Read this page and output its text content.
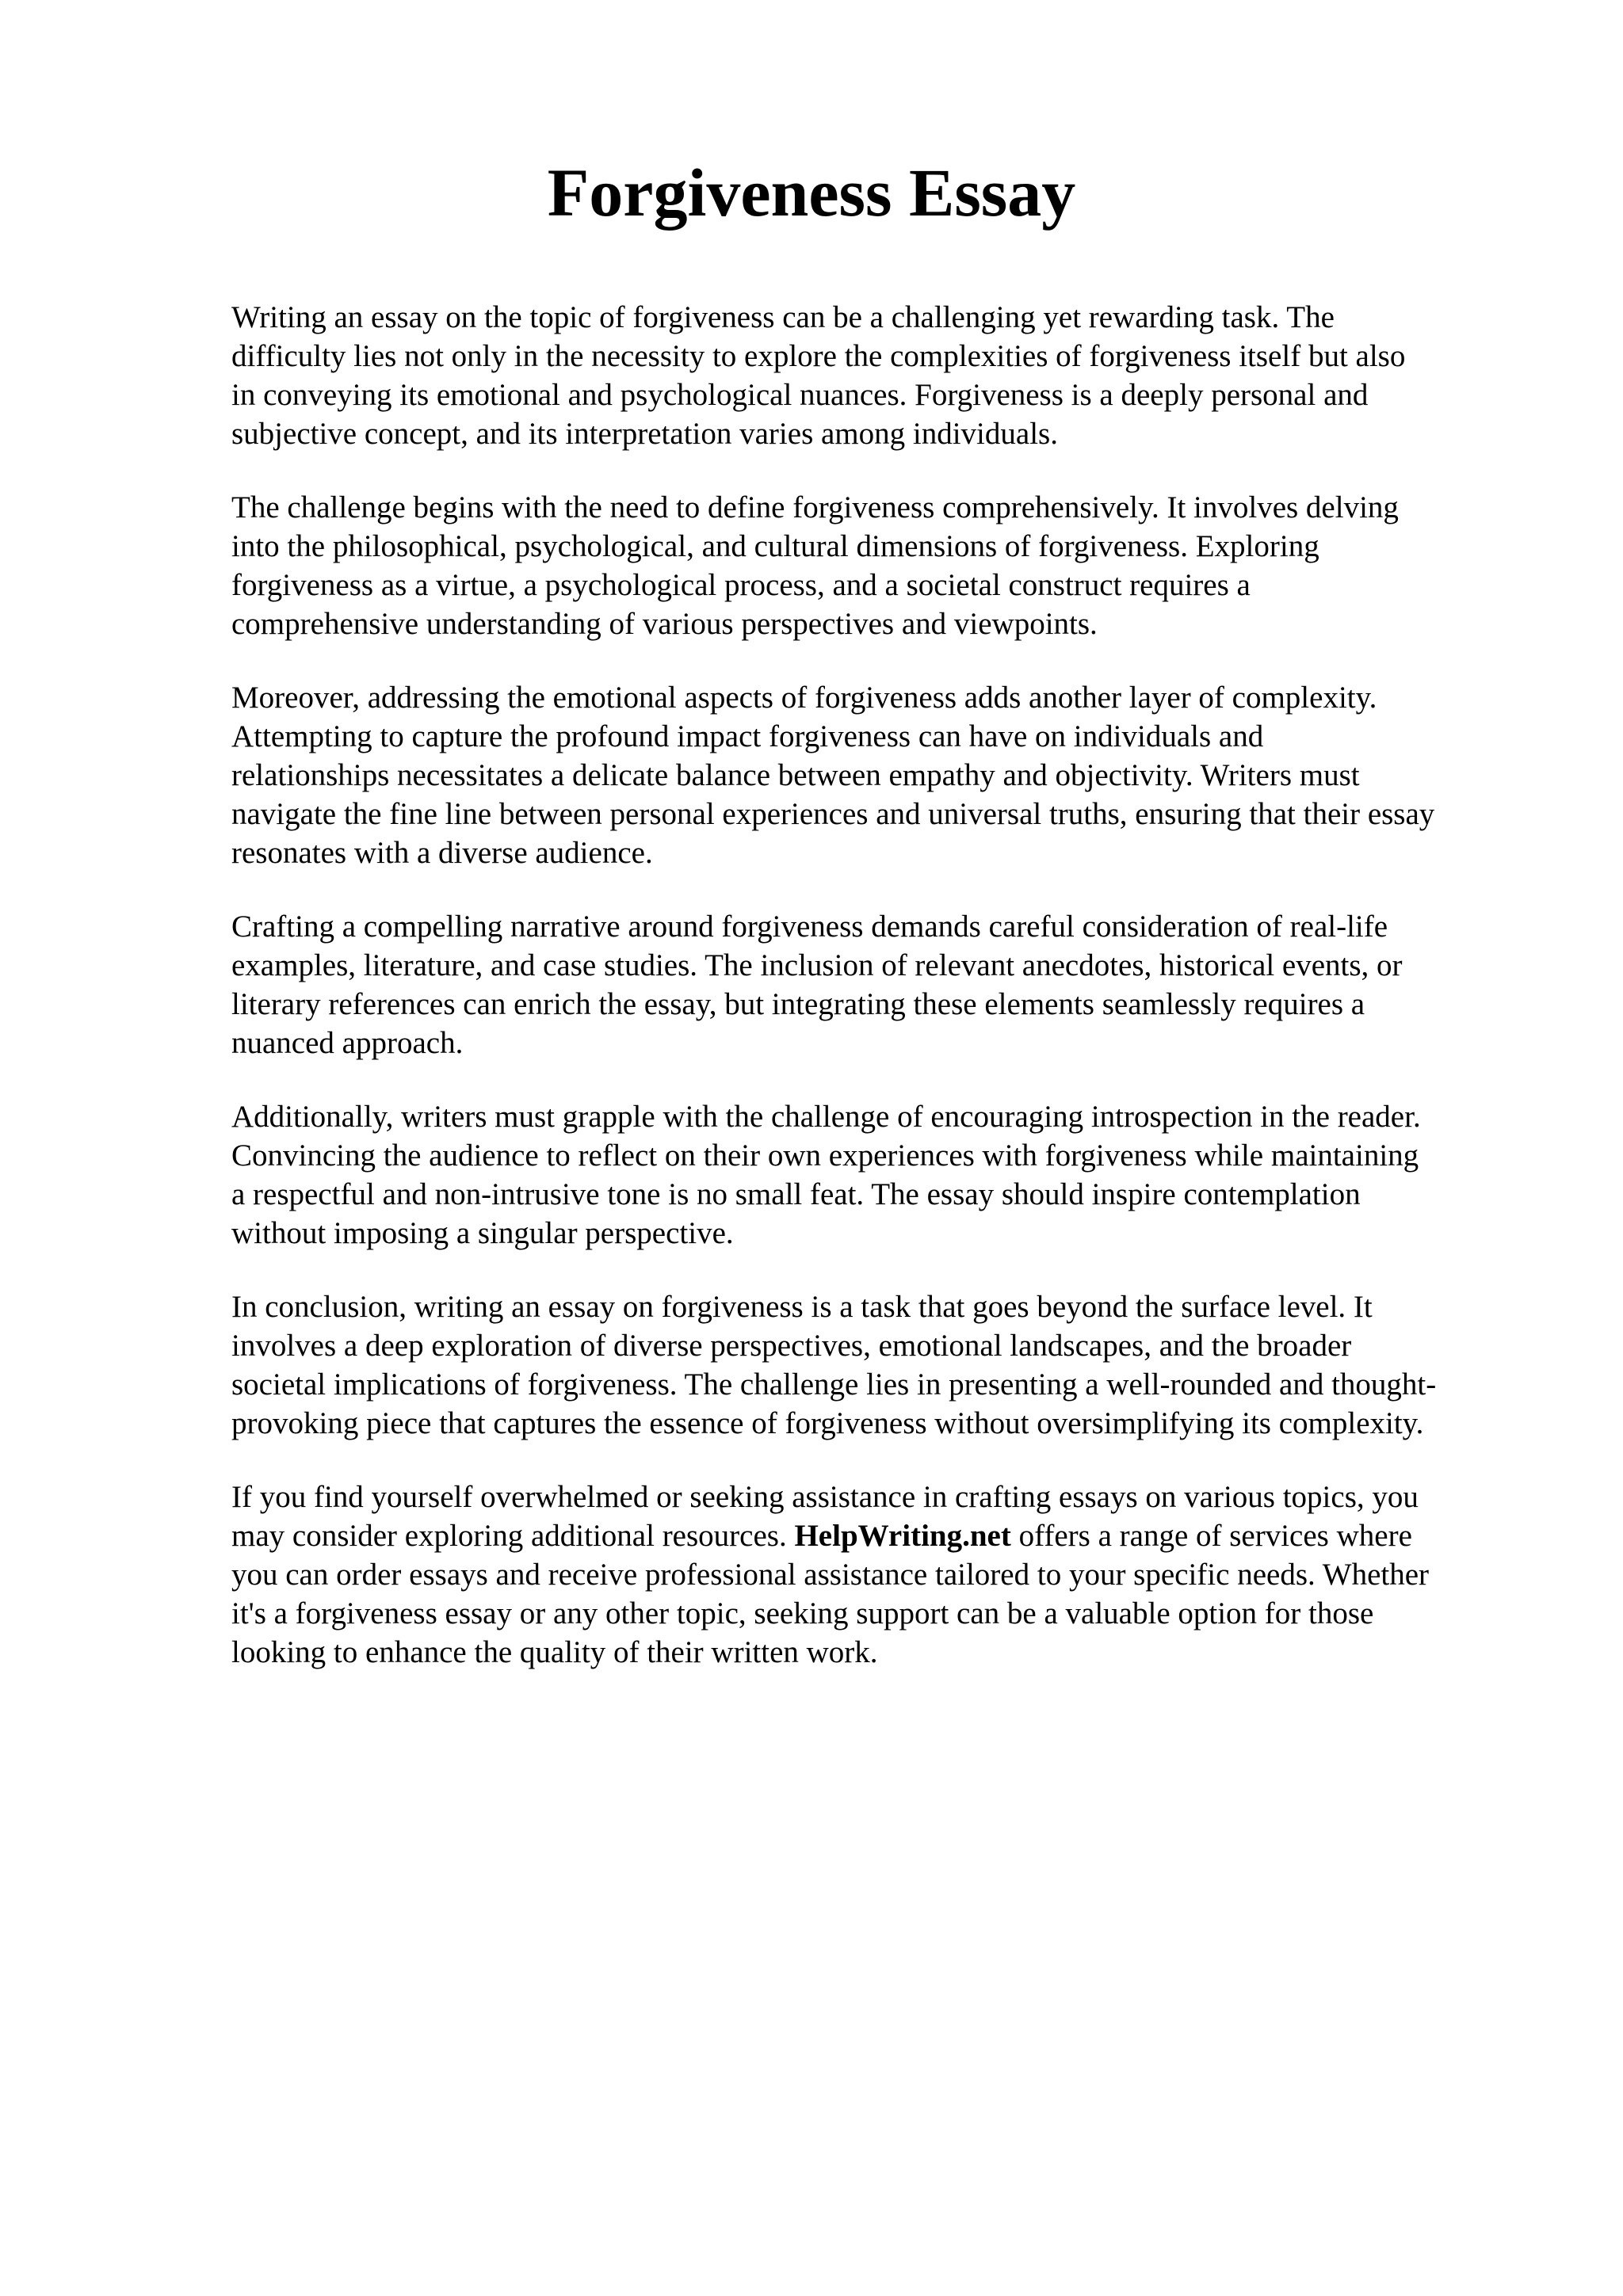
Forgiveness Essay

Writing an essay on the topic of forgiveness can be a challenging yet rewarding task. The
difficulty lies not only in the necessity to explore the complexities of forgiveness itself but also
in conveying its emotional and psychological nuances. Forgiveness is a deeply personal and
subjective concept, and its interpretation varies among individuals.

The challenge begins with the need to define forgiveness comprehensively. It involves delving
into the philosophical, psychological, and cultural dimensions of forgiveness. Exploring
forgiveness as a virtue, a psychological process, and a societal construct requires a
comprehensive understanding of various perspectives and viewpoints.

Moreover, addressing the emotional aspects of forgiveness adds another layer of complexity.
Attempting to capture the profound impact forgiveness can have on individuals and
relationships necessitates a delicate balance between empathy and objectivity. Writers must
navigate the fine line between personal experiences and universal truths, ensuring that their essay
resonates with a diverse audience.

Crafting a compelling narrative around forgiveness demands careful consideration of real-life
examples, literature, and case studies. The inclusion of relevant anecdotes, historical events, or
literary references can enrich the essay, but integrating these elements seamlessly requires a
nuanced approach.

Additionally, writers must grapple with the challenge of encouraging introspection in the reader.
Convincing the audience to reflect on their own experiences with forgiveness while maintaining
a respectful and non-intrusive tone is no small feat. The essay should inspire contemplation
without imposing a singular perspective.

In conclusion, writing an essay on forgiveness is a task that goes beyond the surface level. It
involves a deep exploration of diverse perspectives, emotional landscapes, and the broader
societal implications of forgiveness. The challenge lies in presenting a well-rounded and thought-
provoking piece that captures the essence of forgiveness without oversimplifying its complexity.

If you find yourself overwhelmed or seeking assistance in crafting essays on various topics, you
may consider exploring additional resources. HelpWriting.net offers a range of services where
you can order essays and receive professional assistance tailored to your specific needs. Whether
it's a forgiveness essay or any other topic, seeking support can be a valuable option for those
looking to enhance the quality of their written work.
